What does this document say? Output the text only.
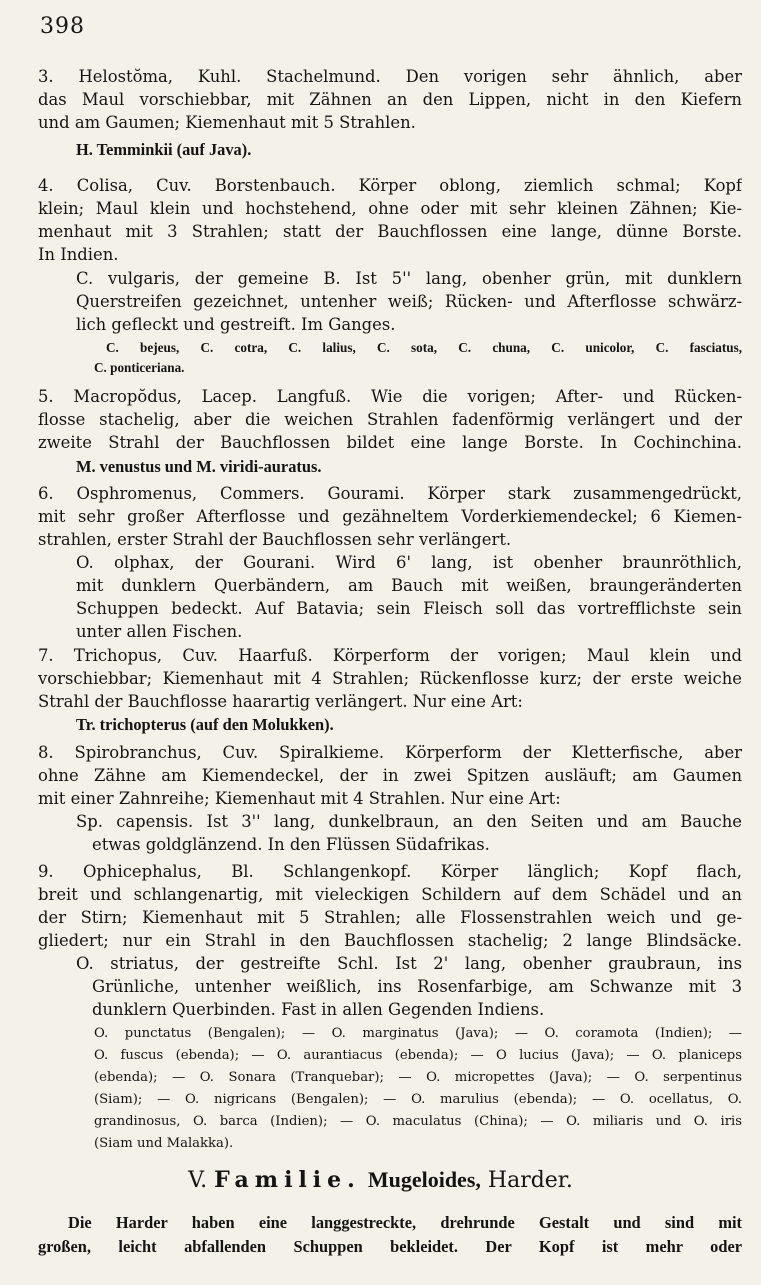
398
3. Helostŏma, Kuhl. Stachelmund. Den vorigen sehr ähnlich, aber
das Maul vorschiebbar, mit Zähnen an den Lippen, nicht in den Kiefern
und am Gaumen; Kiemenhaut mit 5 Strahlen.
H. Temminkii (auf Java).
4. Colisa, Cuv. Borstenbauch. Körper oblong, ziemlich schmal; Kopf
klein; Maul klein und hochstehend, ohne oder mit sehr kleinen Zähnen; Kie-
menhaut mit 3 Strahlen; statt der Bauchflossen eine lange, dünne Borste.
In Indien.
C. vulgaris, der gemeine B. Ist 5'' lang, obenher grün, mit dunklern
Querstreifen gezeichnet, untenher weiß; Rücken- und Afterflosse schwärz-
lich gefleckt und gestreift. Im Ganges.
C. bejeus, C. cotra, C. lalius, C. sota, C. chuna, C. unicolor, C. fasciatus,
C. ponticeriana.
5. Macropŏdus, Lacep. Langfuß. Wie die vorigen; After- und Rücken-
flosse stachelig, aber die weichen Strahlen fadenförmig verlängert und der
zweite Strahl der Bauchflossen bildet eine lange Borste. In Cochinchina.
M. venustus und M. viridi-auratus.
6. Osphromenus, Commers. Gourami. Körper stark zusammengedrückt,
mit sehr großer Afterflosse und gezähneltem Vorderkiemendeckel; 6 Kiemen-
strahlen, erster Strahl der Bauchflossen sehr verlängert.
O. olphax, der Gourani. Wird 6' lang, ist obenher braunröthlich,
mit dunklern Querbändern, am Bauch mit weißen, braungeränderten
Schuppen bedeckt. Auf Batavia; sein Fleisch soll das vortrefflichste sein
unter allen Fischen.
7. Trichopus, Cuv. Haarfuß. Körperform der vorigen; Maul klein und
vorschiebbar; Kiemenhaut mit 4 Strahlen; Rückenflosse kurz; der erste weiche
Strahl der Bauchflosse haarartig verlängert. Nur eine Art:
Tr. trichopterus (auf den Molukken).
8. Spirobranchus, Cuv. Spiralkieme. Körperform der Kletterfische, aber
ohne Zähne am Kiemendeckel, der in zwei Spitzen ausläuft; am Gaumen
mit einer Zahnreihe; Kiemenhaut mit 4 Strahlen. Nur eine Art:
Sp. capensis. Ist 3'' lang, dunkelbraun, an den Seiten und am Bauche
etwas goldglänzend. In den Flüssen Südafrikas.
9. Ophicephalus, Bl. Schlangenkopf. Körper länglich; Kopf flach,
breit und schlangenartig, mit vieleckigen Schildern auf dem Schädel und an
der Stirn; Kiemenhaut mit 5 Strahlen; alle Flossenstrahlen weich und ge-
gliedert; nur ein Strahl in den Bauchflossen stachelig; 2 lange Blindsäcke.
O. striatus, der gestreifte Schl. Ist 2' lang, obenher graubraun, ins
Grünliche, untenher weißlich, ins Rosenfarbige, am Schwanze mit 3
dunklern Querbinden. Fast in allen Gegenden Indiens.
O. punctatus (Bengalen); — O. marginatus (Java); — O. coramota (Indien); —
O. fuscus (ebenda); — O. aurantiacus (ebenda); — O lucius (Java); — O. planiceps
(ebenda); — O. Sonara (Tranquebar); — O. micropettes (Java); — O. serpentinus
(Siam); — O. nigricans (Bengalen); — O. marulius (ebenda); — O. ocellatus, O.
grandinosus, O. barca (Indien); — O. maculatus (China); — O. miliaris und O. iris
(Siam und Malakka).
V. Familie. Mugeloides, Harder.
Die Harder haben eine langgestreckte, drehrunde Gestalt und sind mit
großen, leicht abfallenden Schuppen bekleidet. Der Kopf ist mehr oder
